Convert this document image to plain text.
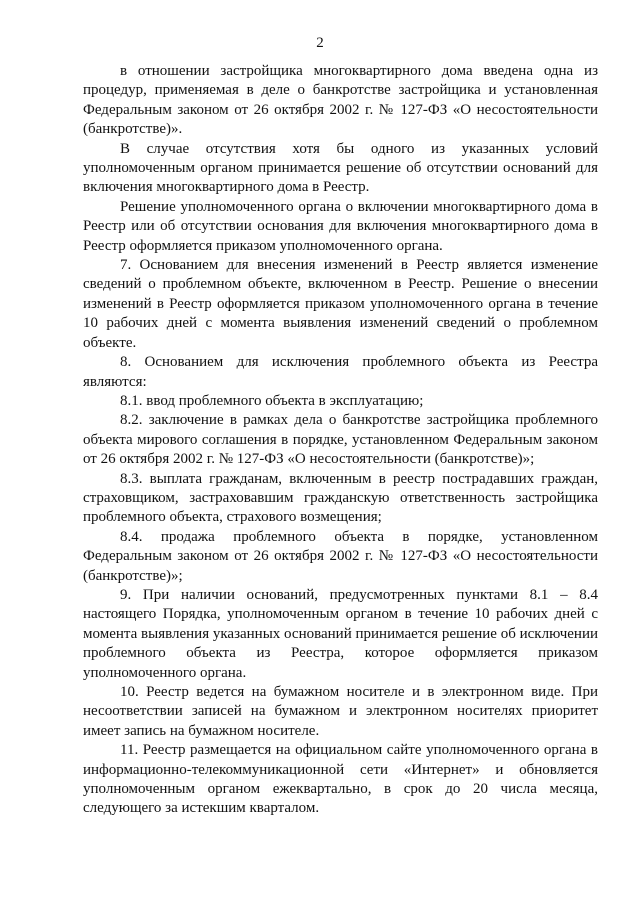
2

в отношении застройщика многоквартирного дома введена одна из процедур, применяемая в деле о банкротстве застройщика и установленная Федеральным законом от 26 октября 2002 г. № 127-ФЗ «О несостоятельности (банкротстве)».

В случае отсутствия хотя бы одного из указанных условий уполномоченным органом принимается решение об отсутствии оснований для включения многоквартирного дома в Реестр.

Решение уполномоченного органа о включении многоквартирного дома в Реестр или об отсутствии основания для включения многоквартирного дома в Реестр оформляется приказом уполномоченного органа.

7. Основанием для внесения изменений в Реестр является изменение сведений о проблемном объекте, включенном в Реестр. Решение о внесении изменений в Реестр оформляется приказом уполномоченного органа в течение 10 рабочих дней с момента выявления изменений сведений о проблемном объекте.

8. Основанием для исключения проблемного объекта из Реестра являются:

8.1. ввод проблемного объекта в эксплуатацию;

8.2. заключение в рамках дела о банкротстве застройщика проблемного объекта мирового соглашения в порядке, установленном Федеральным законом от 26 октября 2002 г. № 127-ФЗ «О несостоятельности (банкротстве)»;

8.3. выплата гражданам, включенным в реестр пострадавших граждан, страховщиком, застраховавшим гражданскую ответственность застройщика проблемного объекта, страхового возмещения;

8.4. продажа проблемного объекта в порядке, установленном Федеральным законом от 26 октября 2002 г. № 127-ФЗ «О несостоятельности (банкротстве)»;

9. При наличии оснований, предусмотренных пунктами 8.1 – 8.4 настоящего Порядка, уполномоченным органом в течение 10 рабочих дней с момента выявления указанных оснований принимается решение об исключении проблемного объекта из Реестра, которое оформляется приказом уполномоченного органа.

10. Реестр ведется на бумажном носителе и в электронном виде. При несоответствии записей на бумажном и электронном носителях приоритет имеет запись на бумажном носителе.

11. Реестр размещается на официальном сайте уполномоченного органа в информационно-телекоммуникационной сети «Интернет» и обновляется уполномоченным органом ежеквартально, в срок до 20 числа месяца, следующего за истекшим кварталом.
